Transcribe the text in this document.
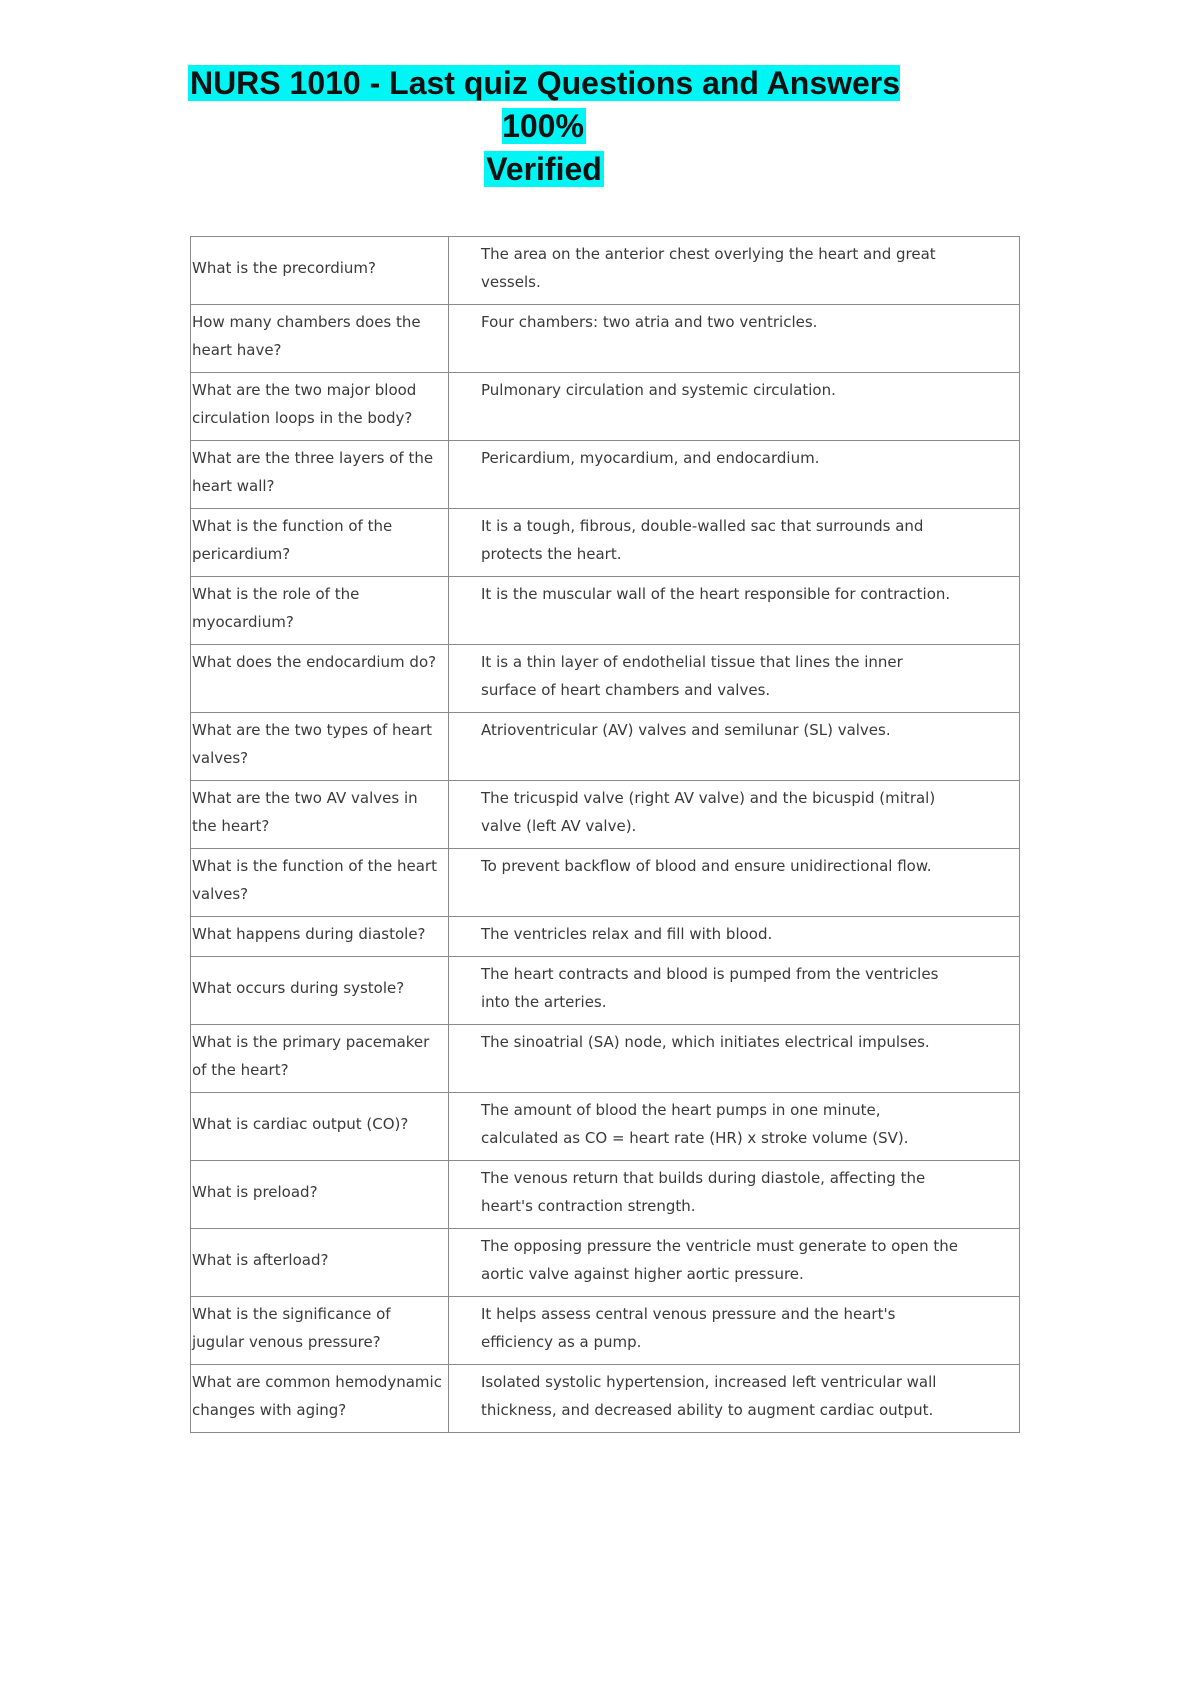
NURS 1010 - Last quiz Questions and Answers 100%
Verified
What is the precordium?	The area on the anterior chest overlying the heart and great vessels.
How many chambers does the heart have?	Four chambers: two atria and two ventricles.
What are the two major blood circulation loops in the body?	Pulmonary circulation and systemic circulation.
What are the three layers of the heart wall?	Pericardium, myocardium, and endocardium.
What is the function of the pericardium?	It is a tough, fibrous, double-walled sac that surrounds and protects the heart.
What is the role of the myocardium?	It is the muscular wall of the heart responsible for contraction.
What does the endocardium do?	It is a thin layer of endothelial tissue that lines the inner surface of heart chambers and valves.
What are the two types of heart valves?	Atrioventricular (AV) valves and semilunar (SL) valves.
What are the two AV valves in the heart?	The tricuspid valve (right AV valve) and the bicuspid (mitral) valve (left AV valve).
What is the function of the heart valves?	To prevent backflow of blood and ensure unidirectional flow.
What happens during diastole?	The ventricles relax and fill with blood.
What occurs during systole?	The heart contracts and blood is pumped from the ventricles into the arteries.
What is the primary pacemaker of the heart?	The sinoatrial (SA) node, which initiates electrical impulses.
What is cardiac output (CO)?	The amount of blood the heart pumps in one minute, calculated as CO = heart rate (HR) x stroke volume (SV).
What is preload?	The venous return that builds during diastole, affecting the heart's contraction strength.
What is afterload?	The opposing pressure the ventricle must generate to open the aortic valve against higher aortic pressure.
What is the significance of jugular venous pressure?	It helps assess central venous pressure and the heart's efficiency as a pump.
What are common hemodynamic changes with aging?	Isolated systolic hypertension, increased left ventricular wall thickness, and decreased ability to augment cardiac output.
